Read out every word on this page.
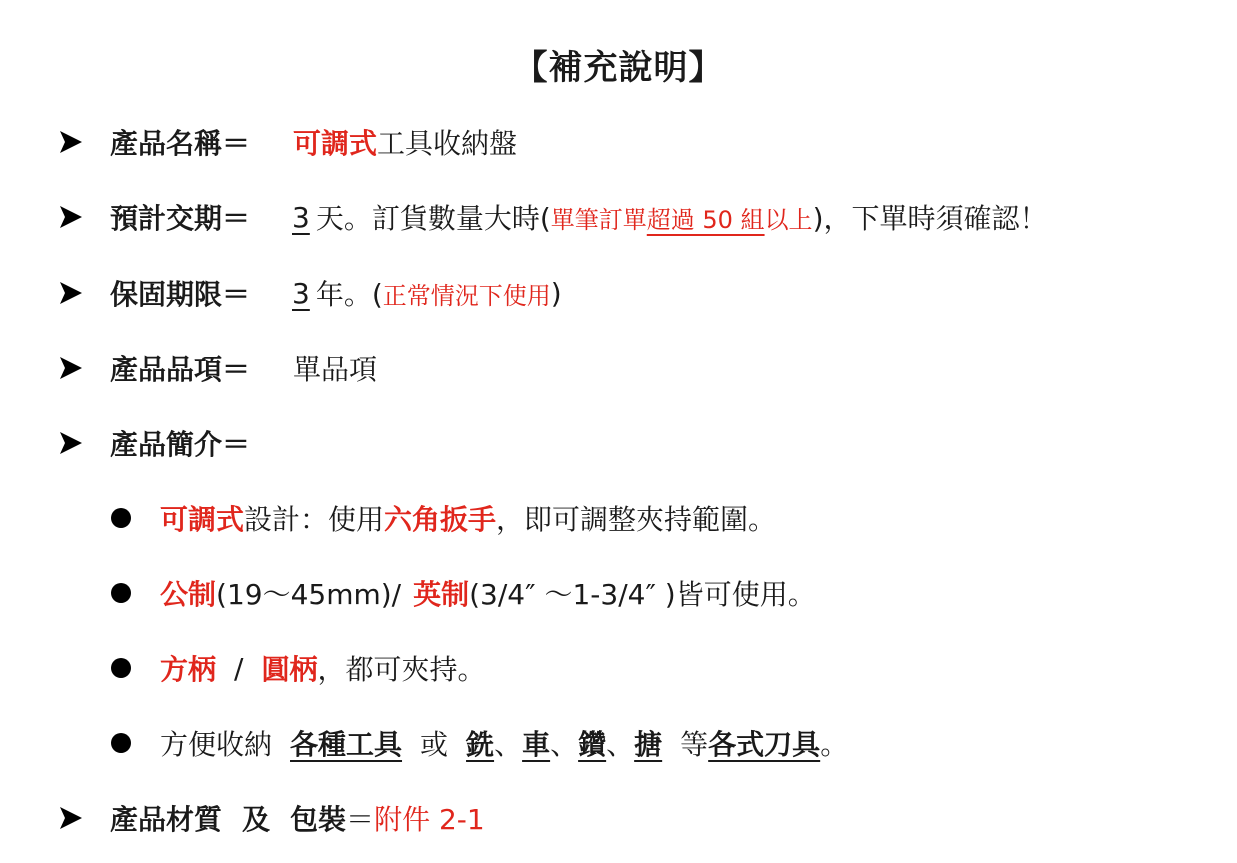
【補充說明】
產品名稱＝ 可調式 工具收納盤
預計交期＝ 3 天。訂貨數量大時( 單筆訂單 超過 50 組 以上 )，下單時須確認！
保固期限＝ 3 年。( 正常情況下使用 )
產品品項＝ 單品項
產品簡介＝
可調式 設計：使用 六角扳手 ，即可調整夾持範圍。
公制 (19～45mm)/ 英制 (3/4″ ～1-3/4″ )皆可使用。
方柄 / 圓柄 ，都可夾持。
方便收納 各種工具 或 銑 、 車 、 鑽 、 搪 等 各式刀具 。
產品材質 及 包裝 ＝ 附件 2-1
